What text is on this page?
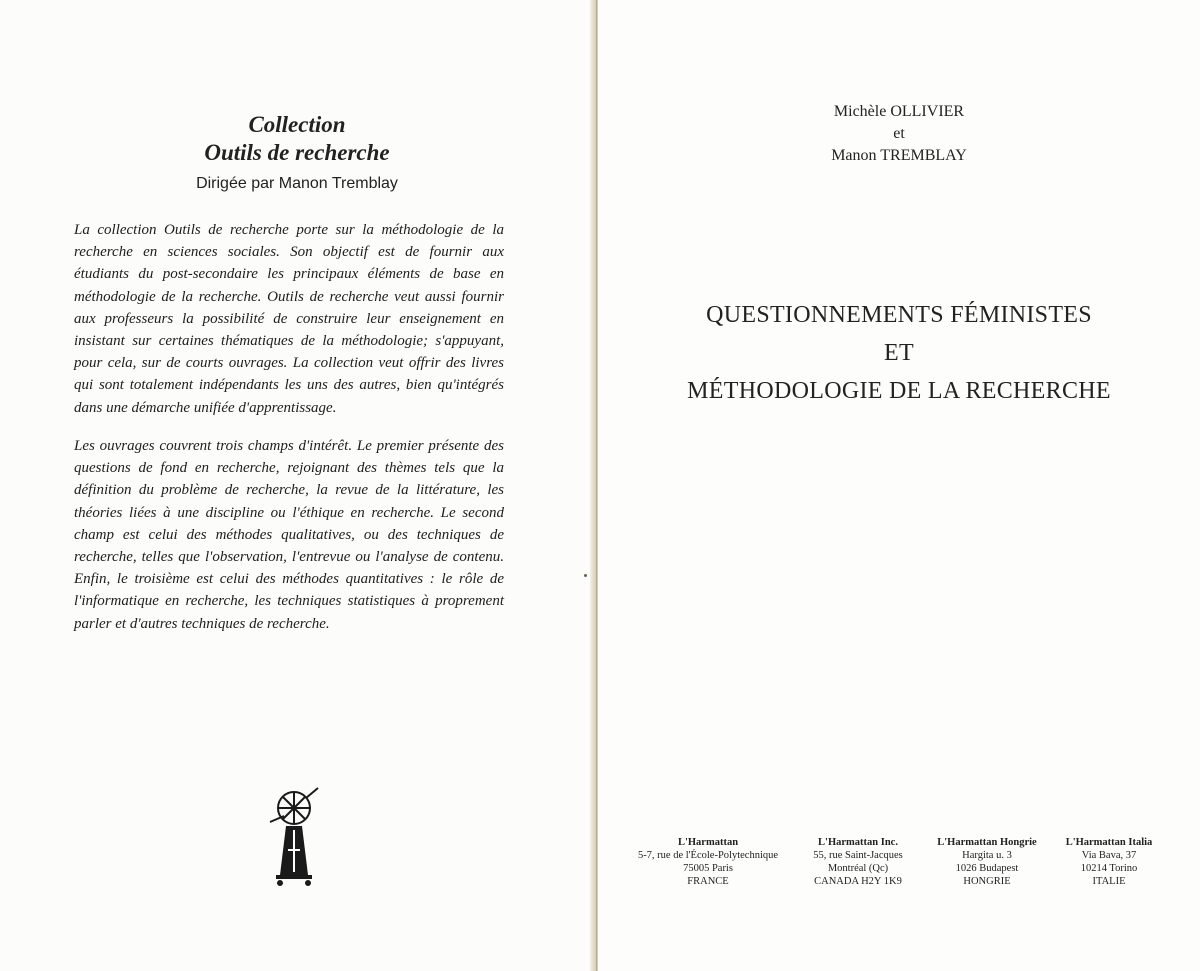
Collection
Outils de recherche
Dirigée par Manon Tremblay

La collection Outils de recherche porte sur la méthodologie de la recherche en sciences sociales. Son objectif est de fournir aux étudiants du post-secondaire les principaux éléments de base en méthodologie de la recherche. Outils de recherche veut aussi fournir aux professeurs la possibilité de construire leur enseignement en insistant sur certaines thématiques de la méthodologie; s'appuyant, pour cela, sur de courts ouvrages. La collection veut offrir des livres qui sont totalement indépendants les uns des autres, bien qu'intégrés dans une démarche unifiée d'apprentissage.

Les ouvrages couvrent trois champs d'intérêt. Le premier présente des questions de fond en recherche, rejoignant des thèmes tels que la définition du problème de recherche, la revue de la littérature, les théories liées à une discipline ou l'éthique en recherche. Le second champ est celui des méthodes qualitatives, ou des techniques de recherche, telles que l'observation, l'entrevue ou l'analyse de contenu. Enfin, le troisième est celui des méthodes quantitatives : le rôle de l'informatique en recherche, les techniques statistiques à proprement parler et d'autres techniques de recherche.

Michèle OLLIVIER
et
Manon TREMBLAY
QUESTIONNEMENTS FÉMINISTES
ET
MÉTHODOLOGIE DE LA RECHERCHE
L'Harmattan
5-7, rue de l'École-Polytechnique
75005 Paris
FRANCE
L'Harmattan Inc.
55, rue Saint-Jacques
Montréal (Qc)
CANADA H2Y 1K9
L'Harmattan Hongrie
Hargita u. 3
1026 Budapest
HONGRIE
L'Harmattan Italia
Via Bava, 37
10214 Torino
ITALIE
